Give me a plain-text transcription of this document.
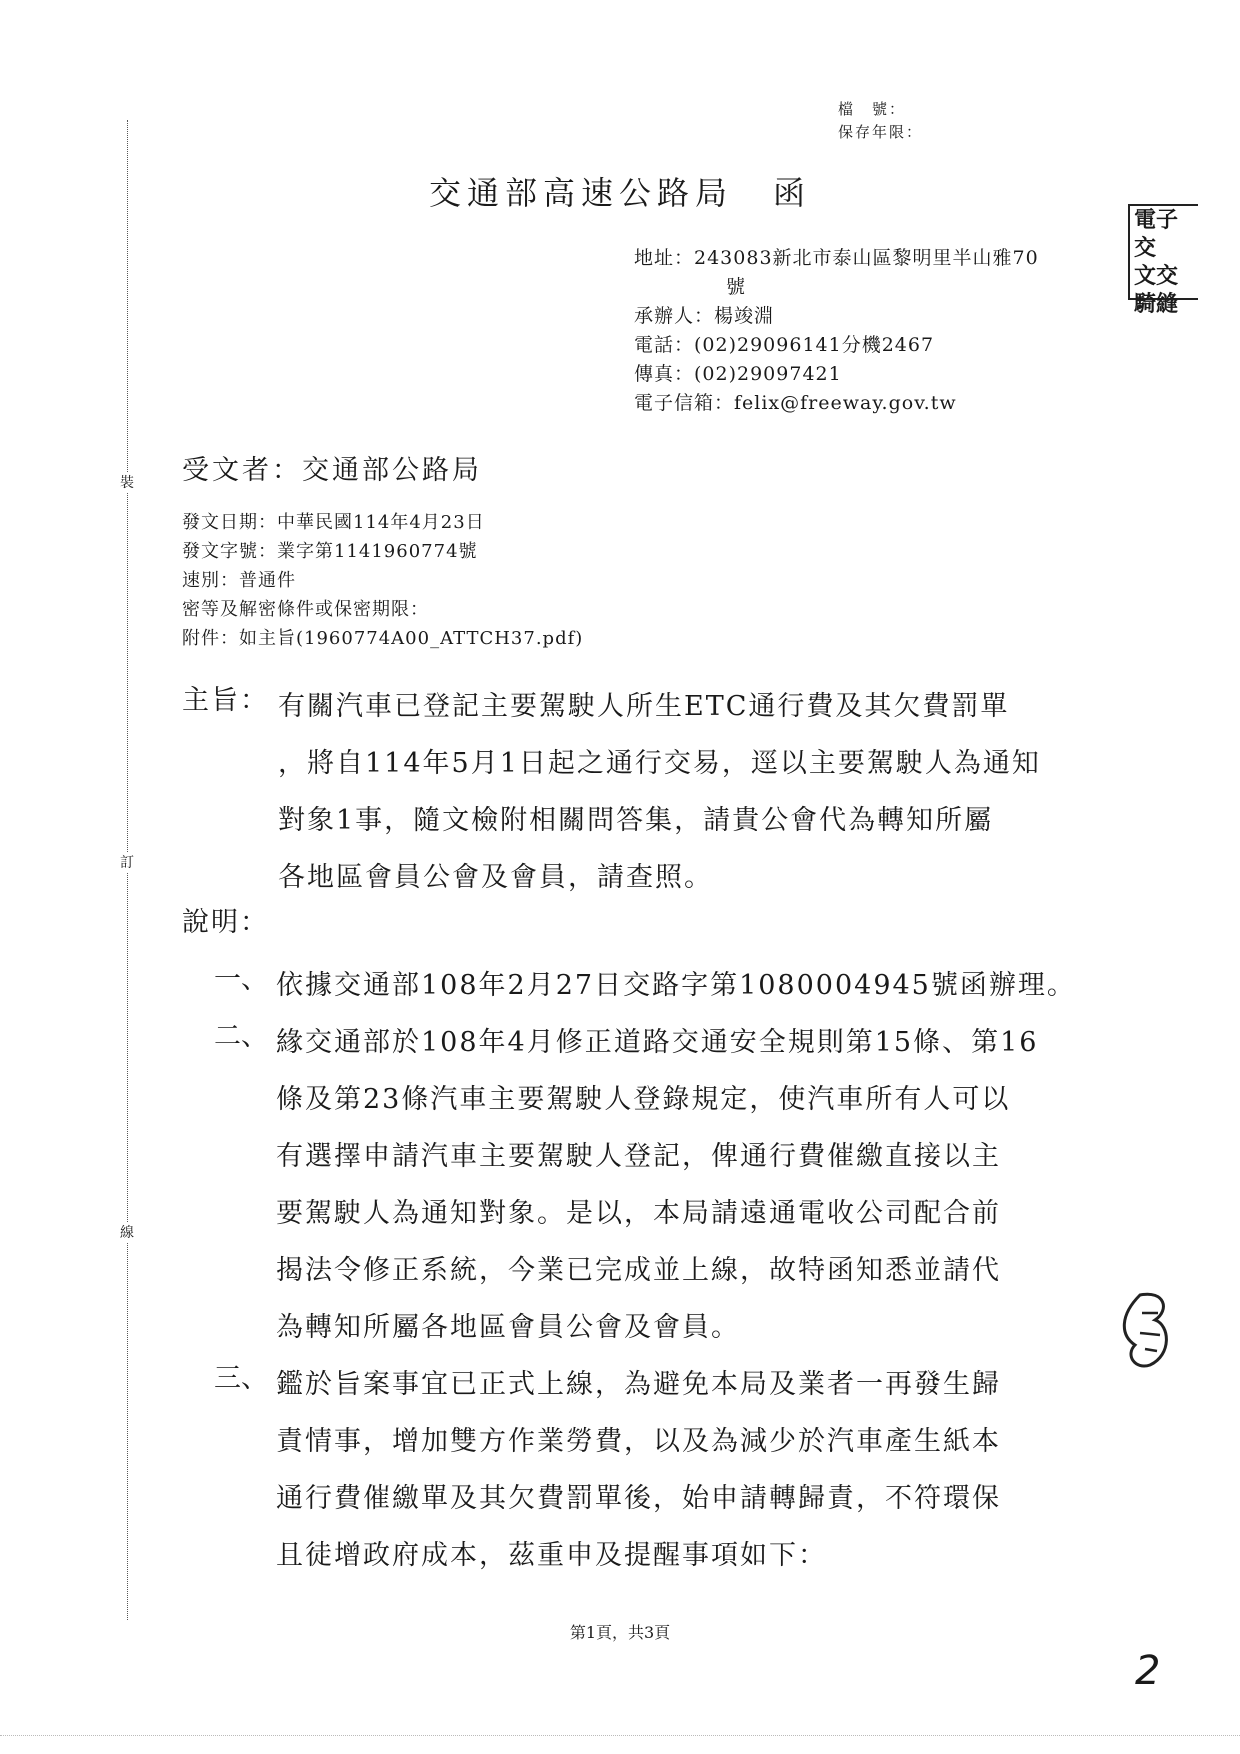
裝
訂
線
檔　號：
保存年限：
交通部高速公路局 函
電子交
文交
騎縫
地址：243083新北市泰山區黎明里半山雅70
號
承辦人：楊竣淵
電話：(02)29096141分機2467
傳真：(02)29097421
電子信箱：felix@freeway.gov.tw
受文者：交通部公路局
發文日期：中華民國114年4月23日
發文字號：業字第1141960774號
速別：普通件
密等及解密條件或保密期限：
附件：如主旨(1960774A00_ATTCH37.pdf)
主旨： 有關汽車已登記主要駕駛人所生ETC通行費及其欠費罰單
，將自114年5月1日起之通行交易，逕以主要駕駛人為通知
對象1事，隨文檢附相關問答集，請貴公會代為轉知所屬
各地區會員公會及會員，請查照。
說明：
一、 依據交通部108年2月27日交路字第1080004945號函辦理。
二、 緣交通部於108年4月修正道路交通安全規則第15條、第16
條及第23條汽車主要駕駛人登錄規定，使汽車所有人可以
有選擇申請汽車主要駕駛人登記，俾通行費催繳直接以主
要駕駛人為通知對象。是以，本局請遠通電收公司配合前
揭法令修正系統，今業已完成並上線，故特函知悉並請代
為轉知所屬各地區會員公會及會員。
三、 鑑於旨案事宜已正式上線，為避免本局及業者一再發生歸
責情事，增加雙方作業勞費，以及為減少於汽車產生紙本
通行費催繳單及其欠費罰單後，始申請轉歸責，不符環保
且徒增政府成本，茲重申及提醒事項如下：
第1頁，共3頁
2
